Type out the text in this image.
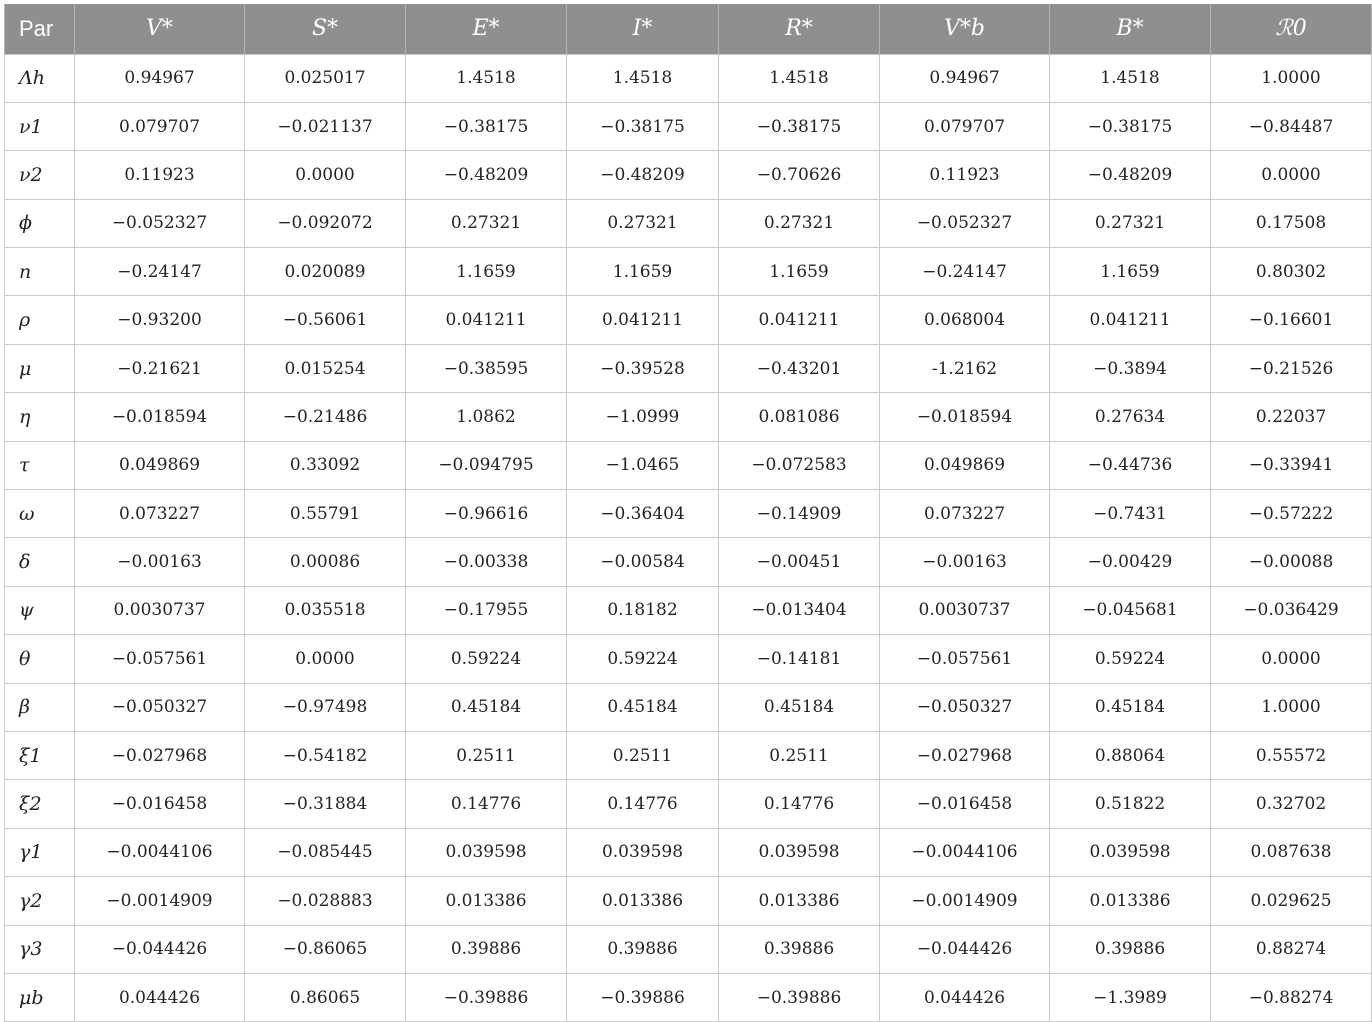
Par	V*	S*	E*	I*	R*	V*b	B*	ℛ0
Λh	0.94967	0.025017	1.4518	1.4518	1.4518	0.94967	1.4518	1.0000
ν1	0.079707	−0.021137	−0.38175	−0.38175	−0.38175	0.079707	−0.38175	−0.84487
ν2	0.11923	0.0000	−0.48209	−0.48209	−0.70626	0.11923	−0.48209	0.0000
ϕ	−0.052327	−0.092072	0.27321	0.27321	0.27321	−0.052327	0.27321	0.17508
n	−0.24147	0.020089	1.1659	1.1659	1.1659	−0.24147	1.1659	0.80302
ρ	−0.93200	−0.56061	0.041211	0.041211	0.041211	0.068004	0.041211	−0.16601
μ	−0.21621	0.015254	−0.38595	−0.39528	−0.43201	-1.2162	−0.3894	−0.21526
η	−0.018594	−0.21486	1.0862	−1.0999	0.081086	−0.018594	0.27634	0.22037
τ	0.049869	0.33092	−0.094795	−1.0465	−0.072583	0.049869	−0.44736	−0.33941
ω	0.073227	0.55791	−0.96616	−0.36404	−0.14909	0.073227	−0.7431	−0.57222
δ	−0.00163	0.00086	−0.00338	−0.00584	−0.00451	−0.00163	−0.00429	−0.00088
ψ	0.0030737	0.035518	−0.17955	0.18182	−0.013404	0.0030737	−0.045681	−0.036429
θ	−0.057561	0.0000	0.59224	0.59224	−0.14181	−0.057561	0.59224	0.0000
β	−0.050327	−0.97498	0.45184	0.45184	0.45184	−0.050327	0.45184	1.0000
ξ1	−0.027968	−0.54182	0.2511	0.2511	0.2511	−0.027968	0.88064	0.55572
ξ2	−0.016458	−0.31884	0.14776	0.14776	0.14776	−0.016458	0.51822	0.32702
γ1	−0.0044106	−0.085445	0.039598	0.039598	0.039598	−0.0044106	0.039598	0.087638
γ2	−0.0014909	−0.028883	0.013386	0.013386	0.013386	−0.0014909	0.013386	0.029625
γ3	−0.044426	−0.86065	0.39886	0.39886	0.39886	−0.044426	0.39886	0.88274
μb	0.044426	0.86065	−0.39886	−0.39886	−0.39886	0.044426	−1.3989	−0.88274
